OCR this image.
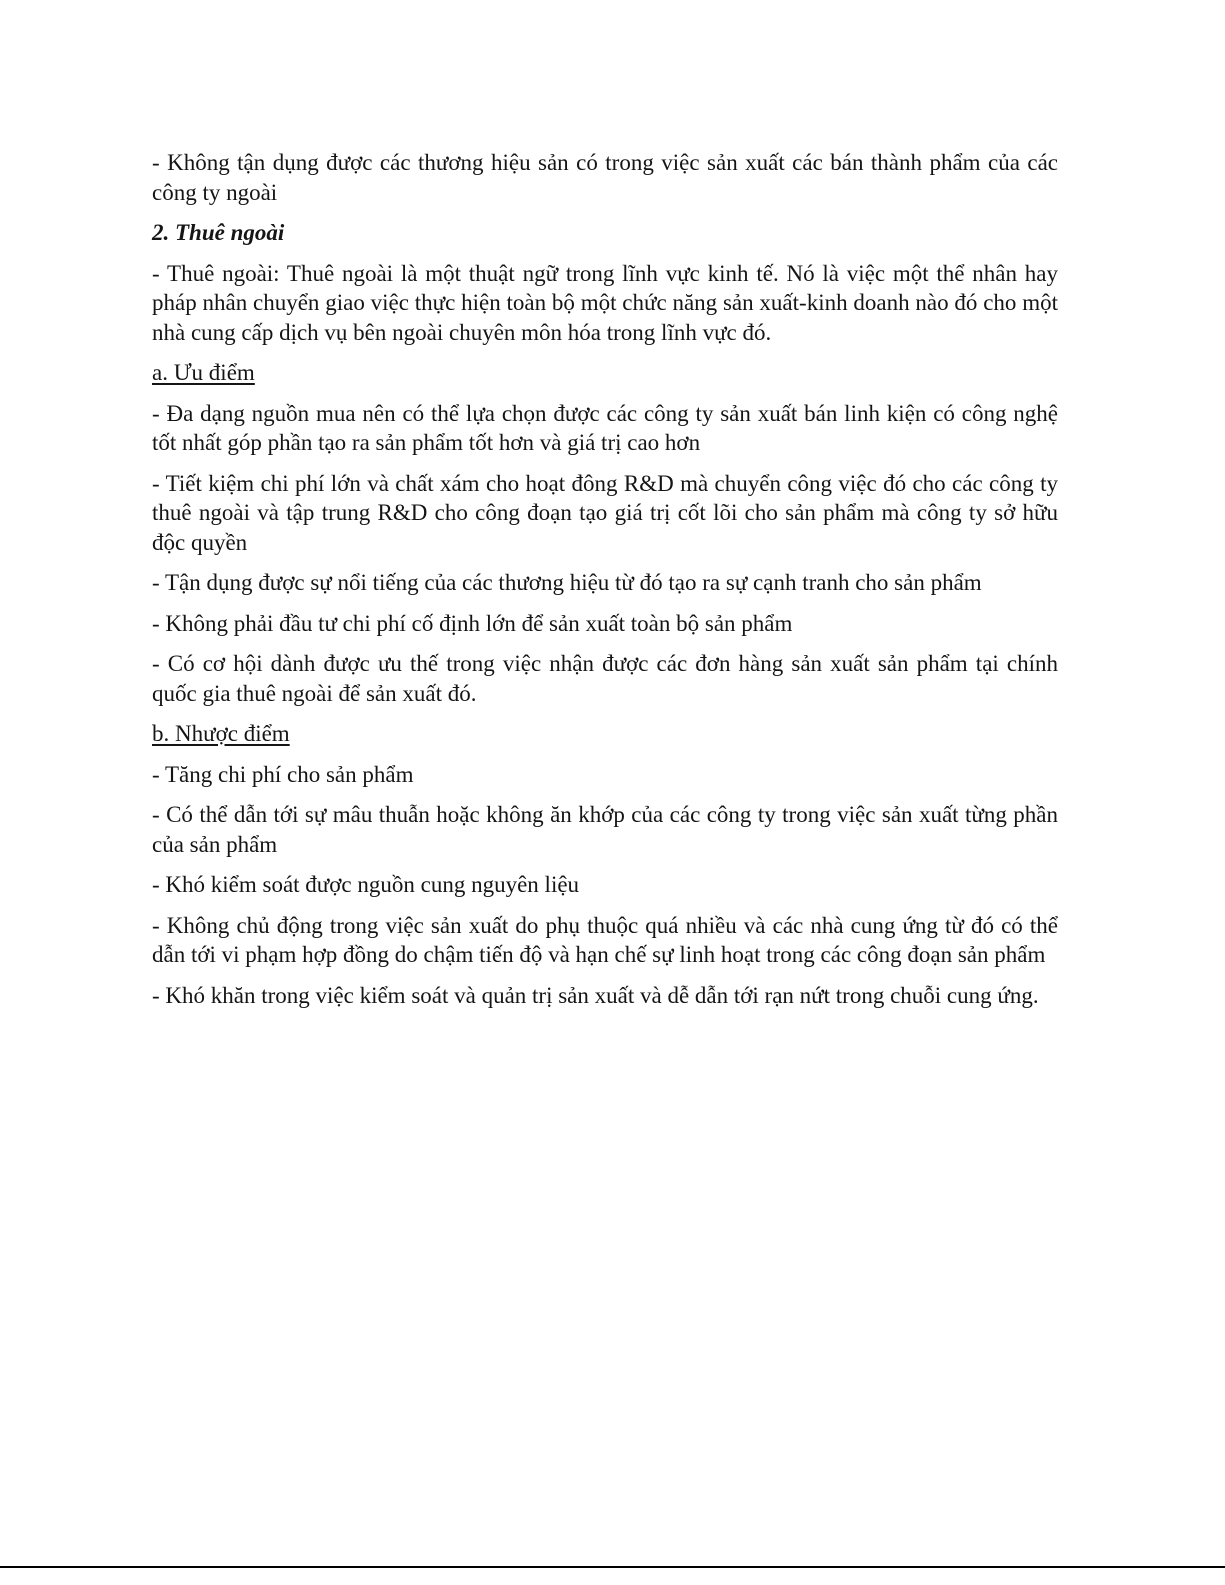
- Không tận dụng được các thương hiệu sản có trong việc sản xuất các bán thành phẩm của các công ty ngoài

2. Thuê ngoài

- Thuê ngoài: Thuê ngoài là một thuật ngữ trong lĩnh vực kinh tế. Nó là việc một thể nhân hay pháp nhân chuyển giao việc thực hiện toàn bộ một chức năng sản xuất-kinh doanh nào đó cho một nhà cung cấp dịch vụ bên ngoài chuyên môn hóa trong lĩnh vực đó.

a. Ưu điểm

- Đa dạng nguồn mua nên có thể lựa chọn được các công ty sản xuất bán linh kiện có công nghệ tốt nhất góp phần tạo ra sản phẩm tốt hơn và giá trị cao hơn

- Tiết kiệm chi phí lớn và chất xám cho hoạt đông R&D mà chuyển công việc đó cho các công ty thuê ngoài và tập trung R&D cho công đoạn tạo giá trị cốt lõi cho sản phẩm mà công ty sở hữu độc quyền

- Tận dụng được sự nổi tiếng của các thương hiệu từ đó tạo ra sự cạnh tranh cho sản phẩm

- Không phải đầu tư chi phí cố định lớn để sản xuất toàn bộ sản phẩm

- Có cơ hội dành được ưu thế trong việc nhận được các đơn hàng sản xuất sản phẩm tại chính quốc gia thuê ngoài để sản xuất đó.

b. Nhược điểm

- Tăng chi phí cho sản phẩm

- Có thể dẫn tới sự mâu thuẫn hoặc không ăn khớp của các công ty trong việc sản xuất từng phần của sản phẩm

- Khó kiểm soát được nguồn cung nguyên liệu

- Không chủ động trong việc sản xuất do phụ thuộc quá nhiều và các nhà cung ứng từ đó có thể dẫn tới vi phạm hợp đồng do chậm tiến độ và hạn chế sự linh hoạt trong các công đoạn sản phẩm

- Khó khăn trong việc kiểm soát và quản trị sản xuất và dễ dẫn tới rạn nứt trong chuỗi cung ứng.
